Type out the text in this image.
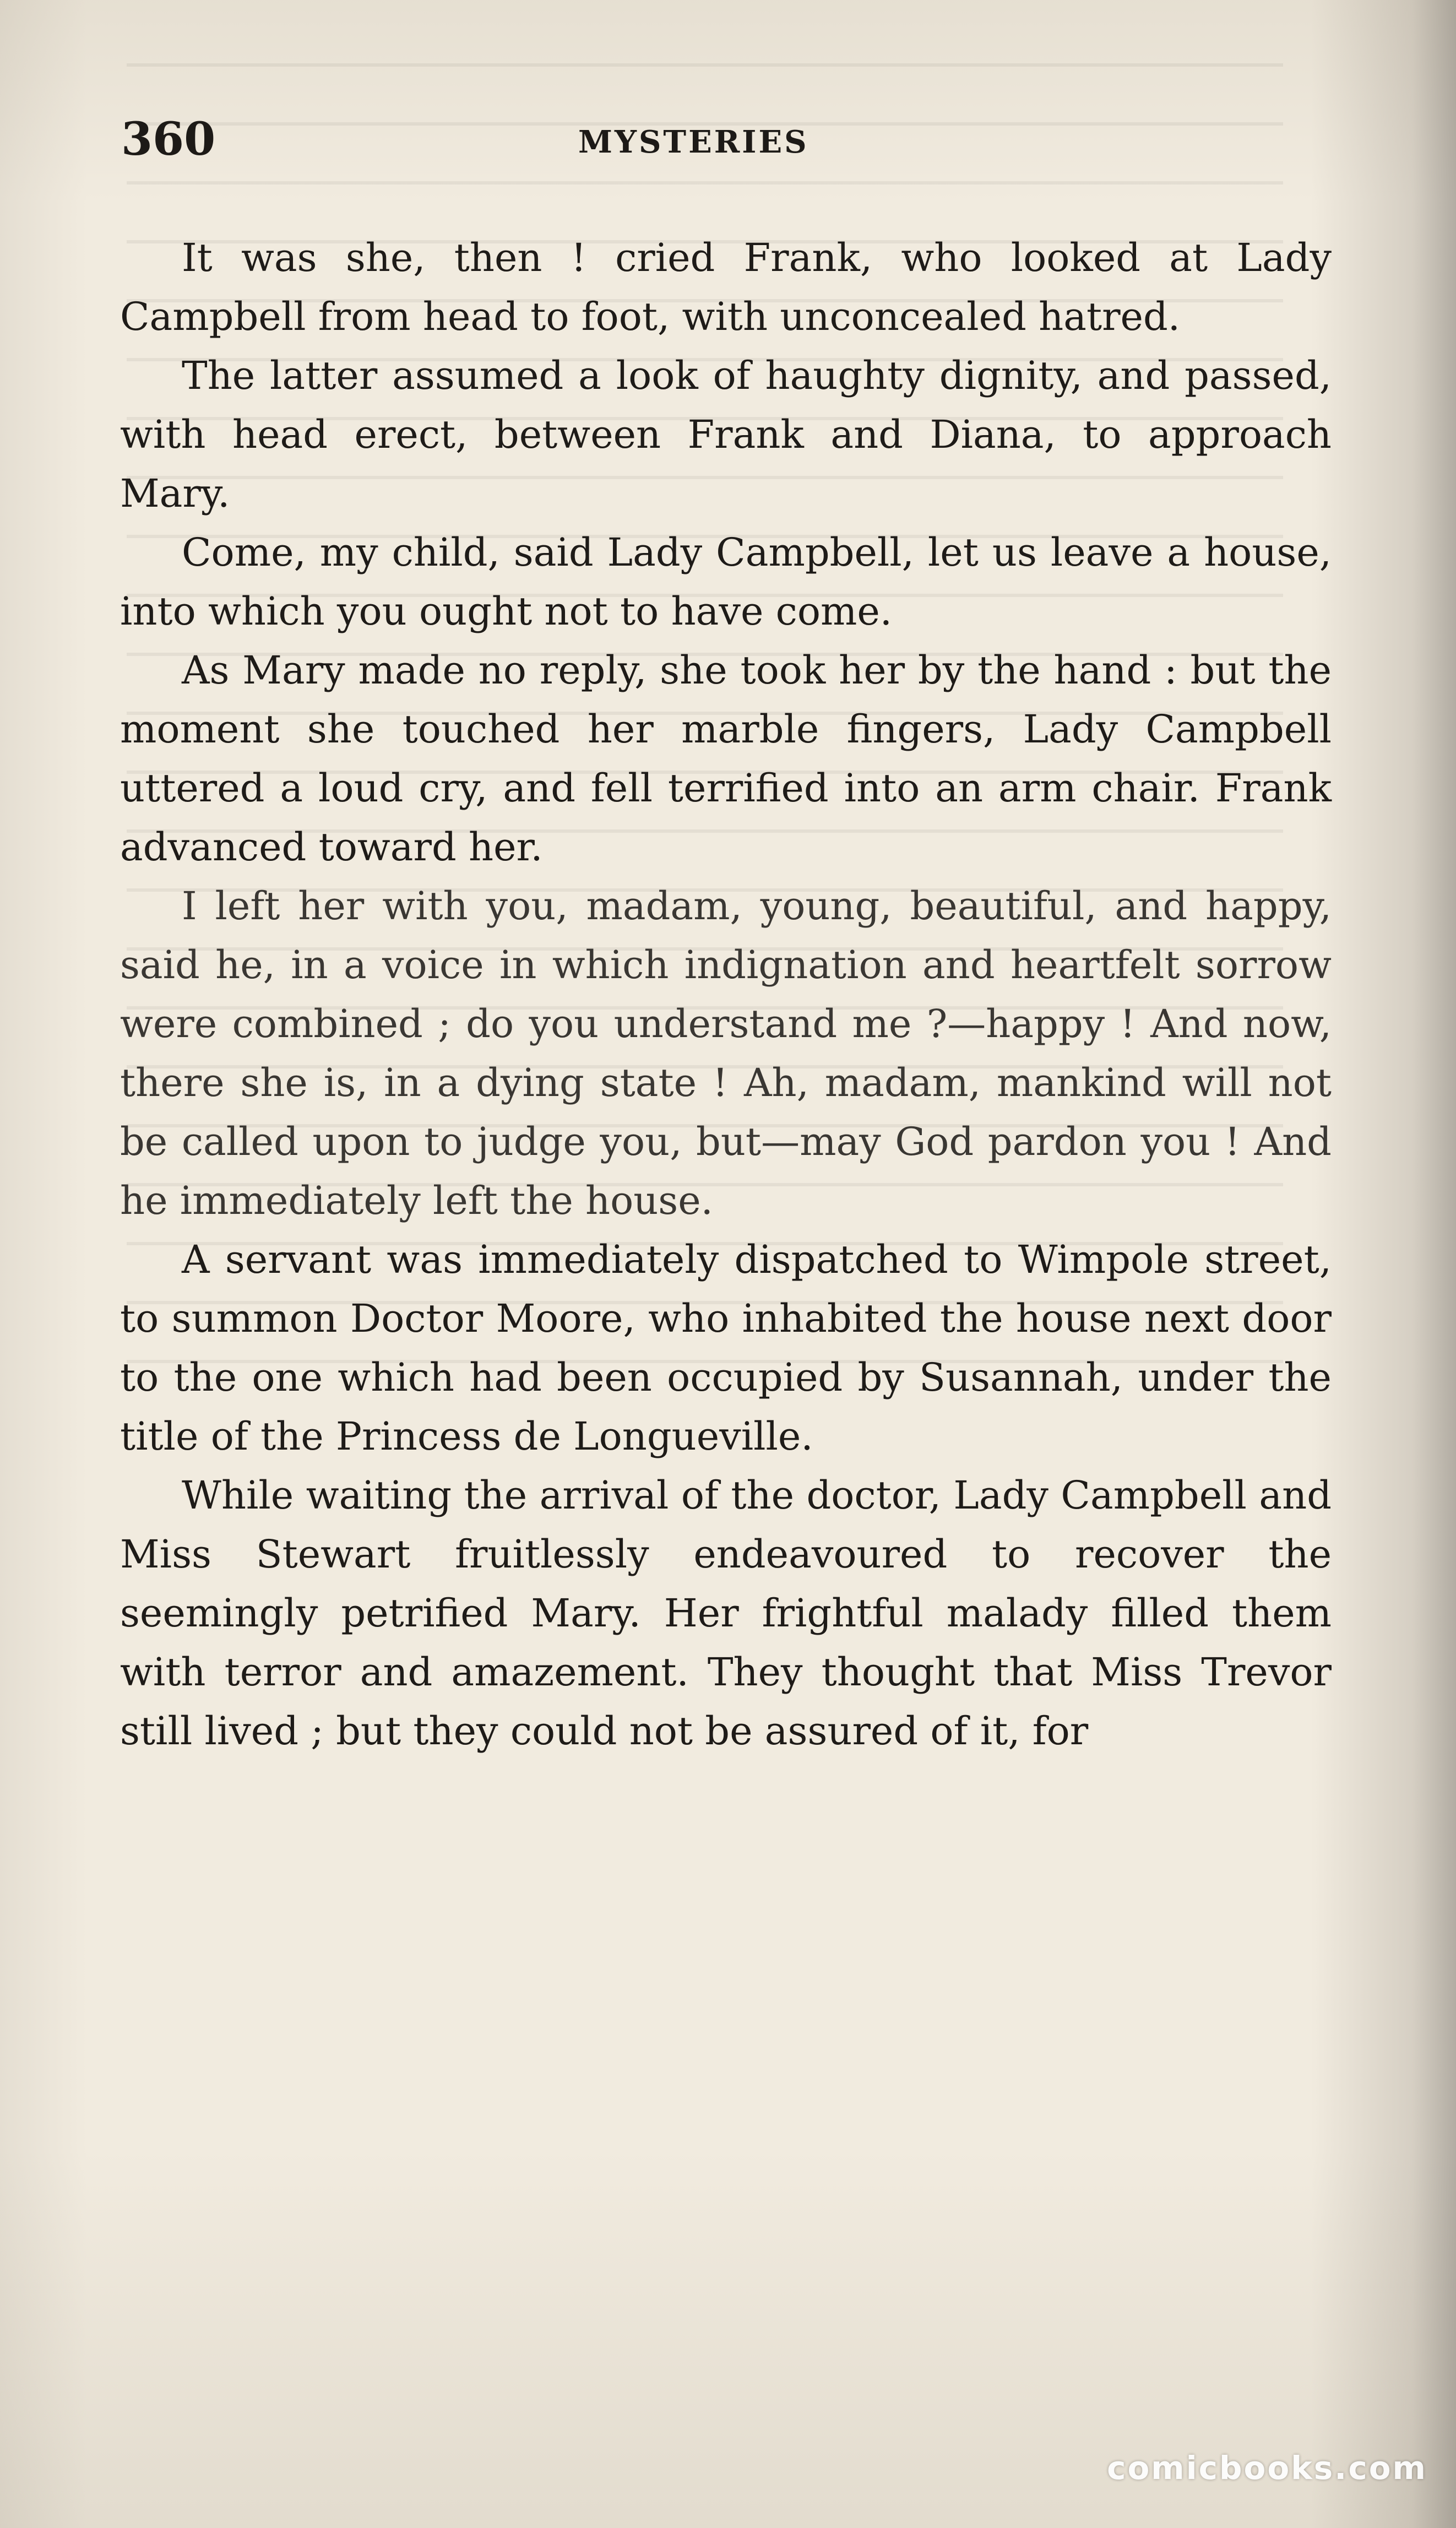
360	MYSTERIES

It was she, then ! cried Frank, who looked at Lady Campbell from head to foot, with unconcealed hatred.

The latter assumed a look of haughty dignity, and passed, with head erect, between Frank and Diana, to approach Mary.

Come, my child, said Lady Campbell, let us leave a house, into which you ought not to have come.

As Mary made no reply, she took her by the hand : but the moment she touched her marble fingers, Lady Campbell uttered a loud cry, and fell terrified into an arm chair. Frank advanced toward her.

I left her with you, madam, young, beautiful, and happy, said he, in a voice in which indignation and heartfelt sorrow were combined ; do you understand me ?—happy ! And now, there she is, in a dying state ! Ah, madam, mankind will not be called upon to judge you, but—may God pardon you ! And he immediately left the house.

A servant was immediately dispatched to Wimpole street, to summon Doctor Moore, who inhabited the house next door to the one which had been occupied by Susannah, under the title of the Princess de Longueville.

While waiting the arrival of the doctor, Lady Campbell and Miss Stewart fruitlessly endeavoured to recover the seemingly petrified Mary. Her frightful malady filled them with terror and amazement. They thought that Miss Trevor still lived ; but they could not be assured of it, for

comicbooks.com
